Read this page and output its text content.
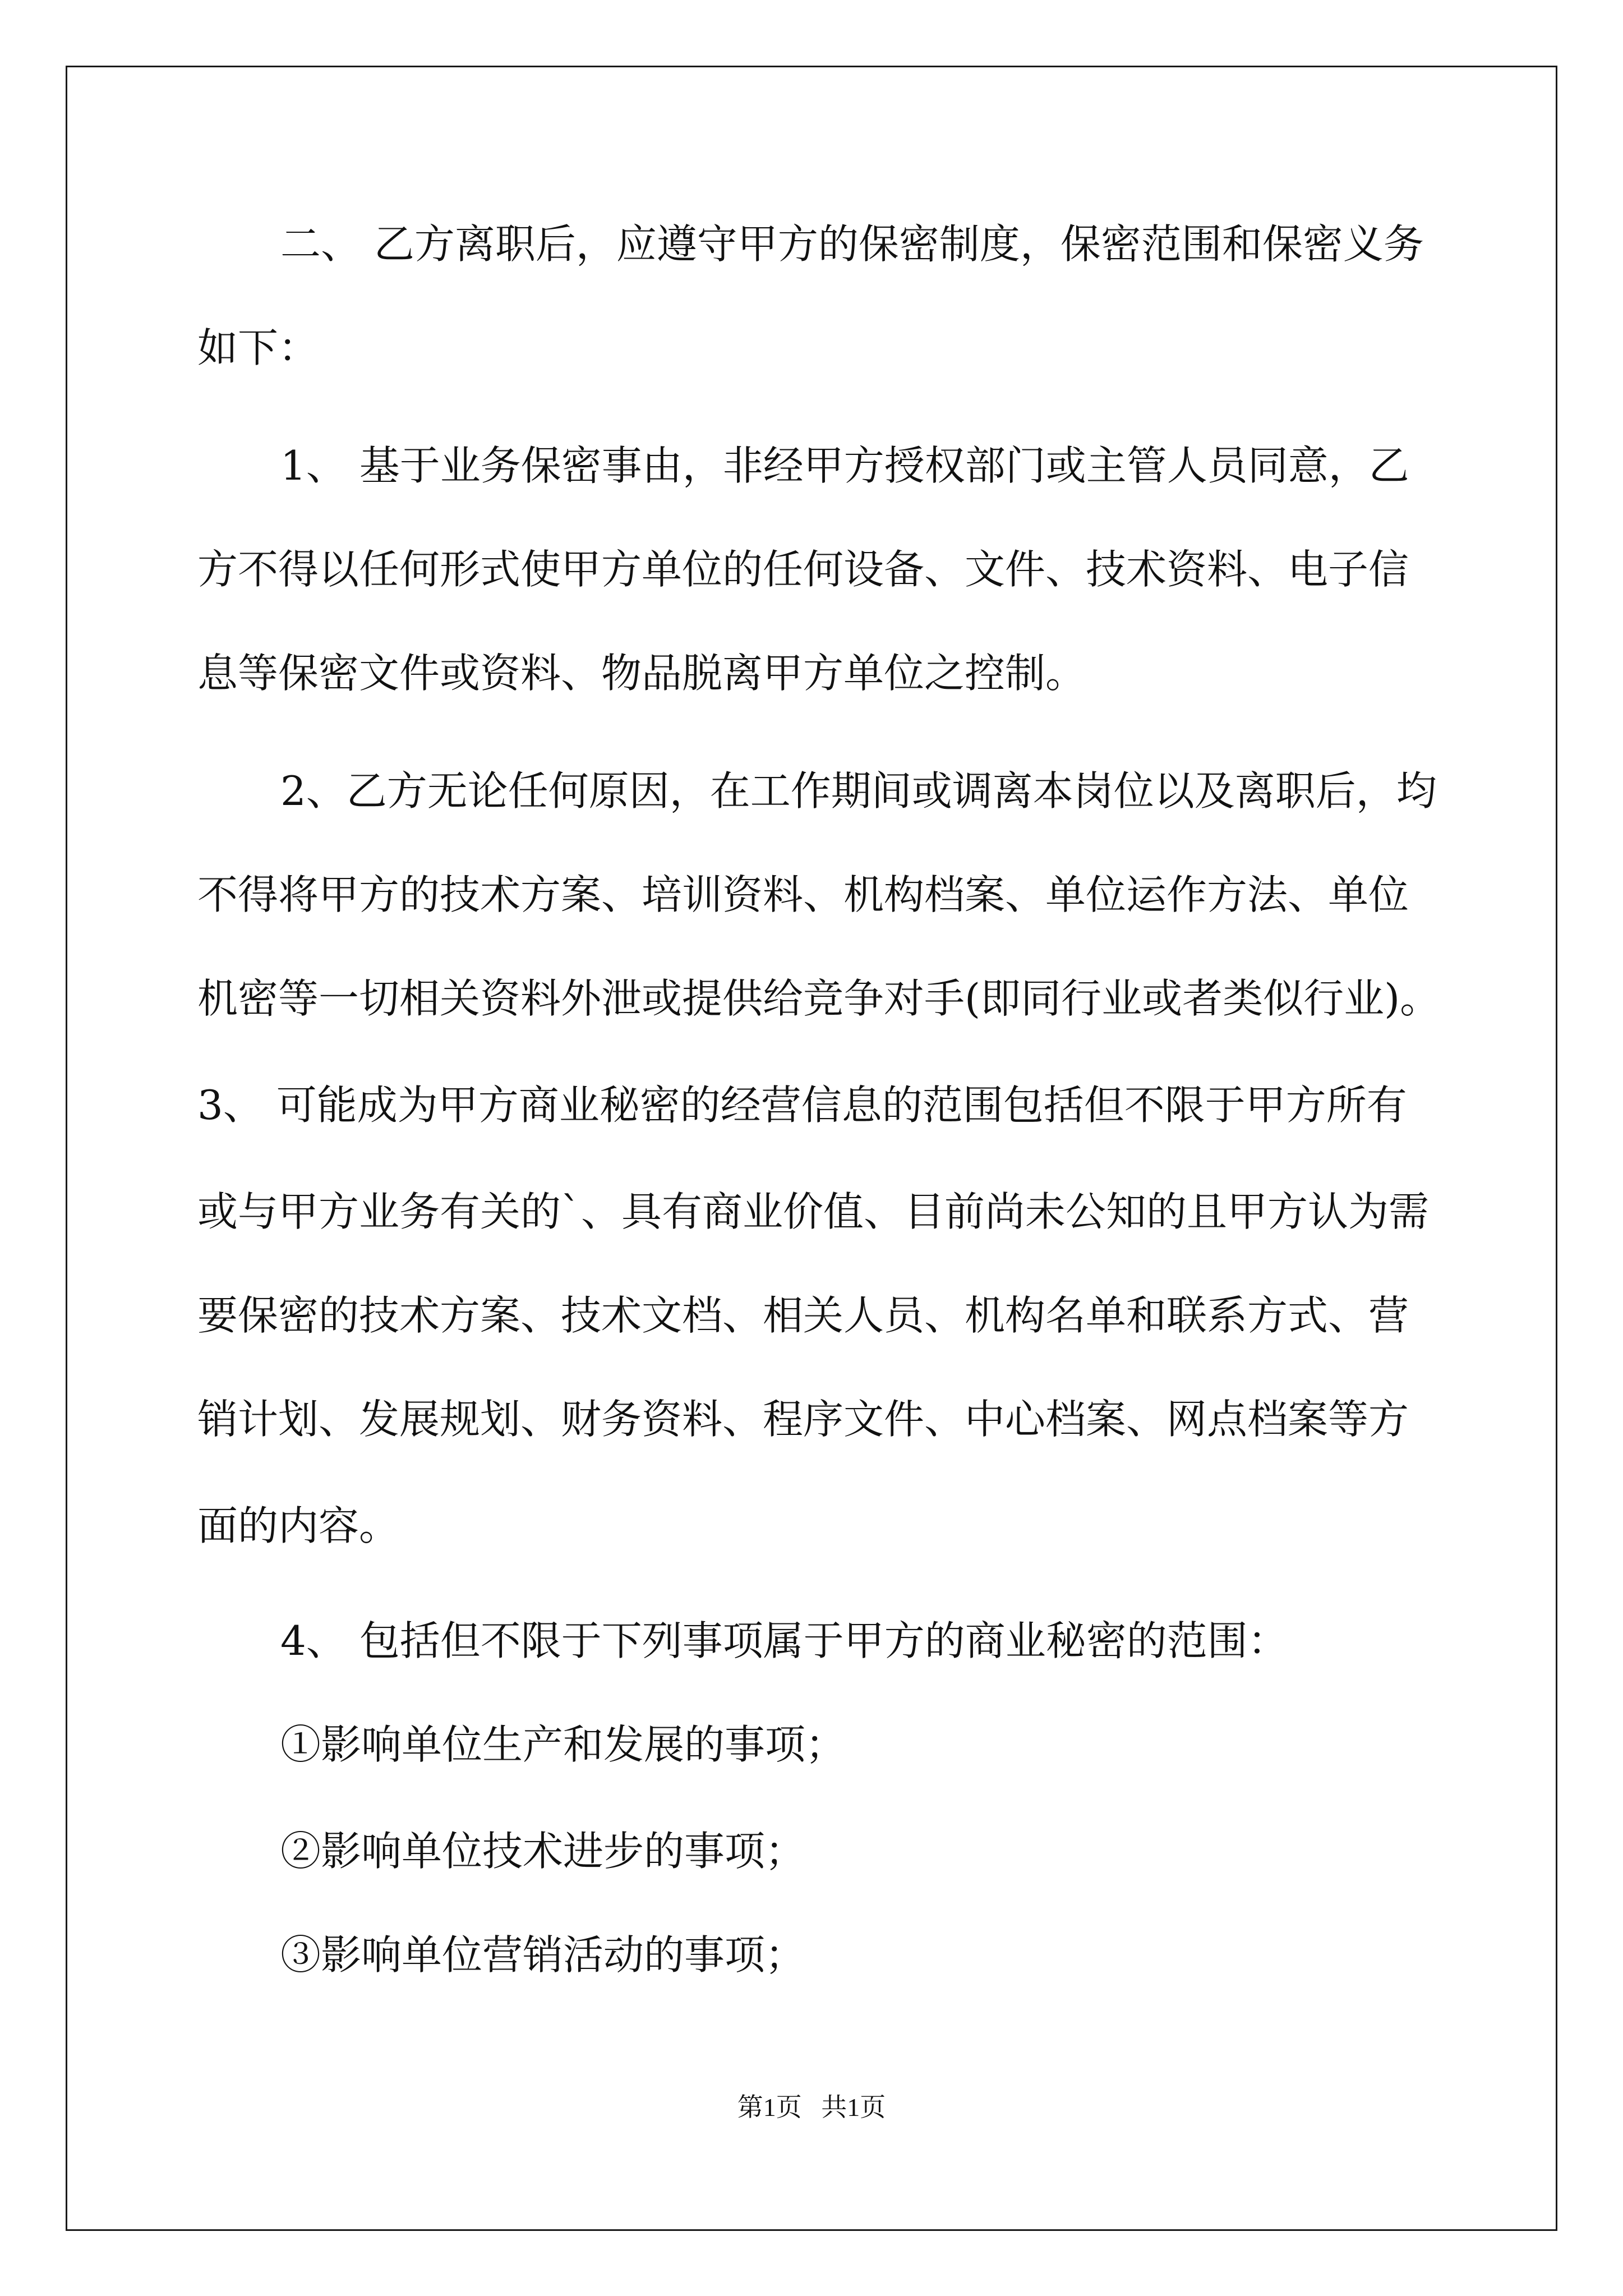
二、 乙方离职后，应遵守甲方的保密制度，保密范围和保密义务

如下：

1、 基于业务保密事由，非经甲方授权部门或主管人员同意，乙

方不得以任何形式使甲方单位的任何设备、文件、技术资料、电子信

息等保密文件或资料、物品脱离甲方单位之控制。

2、乙方无论任何原因，在工作期间或调离本岗位以及离职后，均

不得将甲方的技术方案、培训资料、机构档案、单位运作方法、单位

机密等一切相关资料外泄或提供给竞争对手(即同行业或者类似行业)。

3、 可能成为甲方商业秘密的经营信息的范围包括但不限于甲方所有

或与甲方业务有关的`、具有商业价值、目前尚未公知的且甲方认为需

要保密的技术方案、技术文档、相关人员、机构名单和联系方式、营

销计划、发展规划、财务资料、程序文件、中心档案、网点档案等方

面的内容。

4、 包括但不限于下列事项属于甲方的商业秘密的范围：

①影响单位生产和发展的事项；

②影响单位技术进步的事项；

③影响单位营销活动的事项；

第1页   共1页
